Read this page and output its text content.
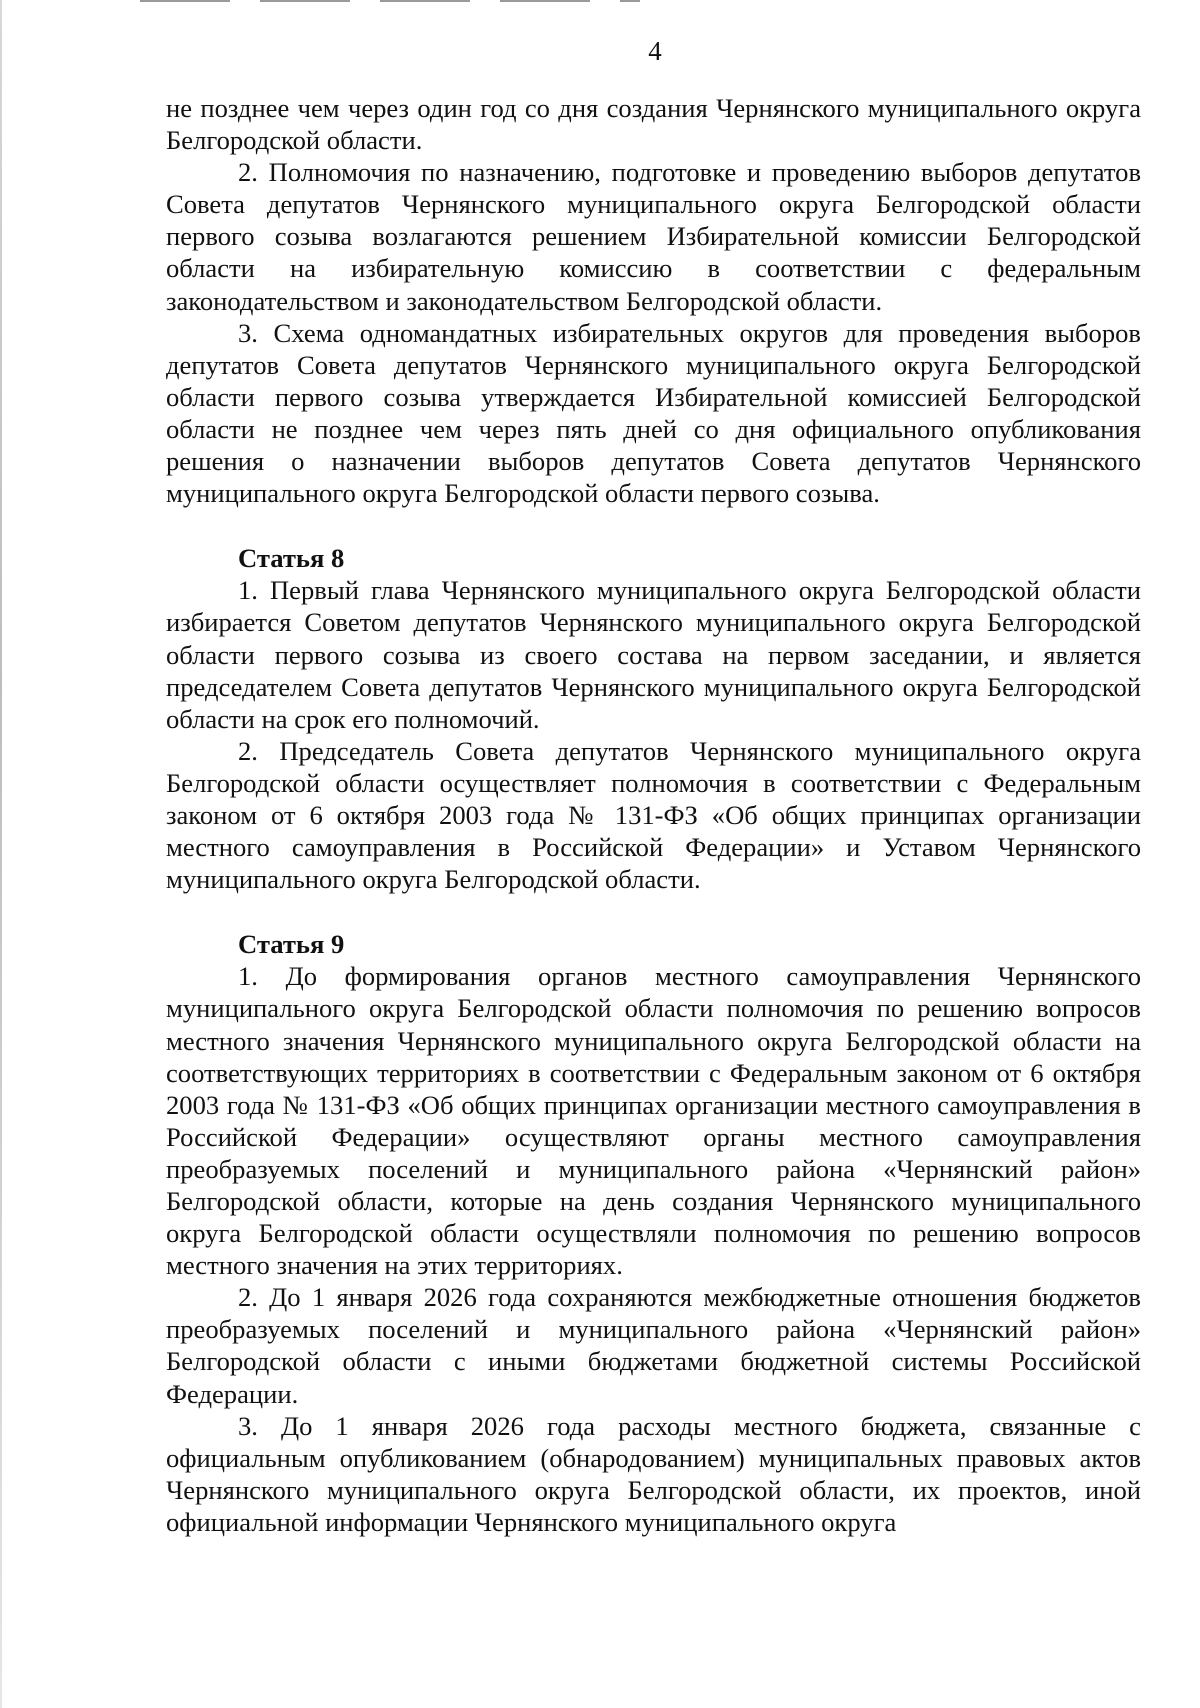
4

не позднее чем через один год со дня создания Чернянского муниципального округа Белгородской области.

2. Полномочия по назначению, подготовке и проведению выборов депутатов Совета депутатов Чернянского муниципального округа Белгородской области первого созыва возлагаются решением Избирательной комиссии Белгородской области на избирательную комиссию в соответствии с федеральным законодательством и законодательством Белгородской области.

3. Схема одномандатных избирательных округов для проведения выборов депутатов Совета депутатов Чернянского муниципального округа Белгородской области первого созыва утверждается Избирательной комиссией Белгородской области не позднее чем через пять дней со дня официального опубликования решения о назначении выборов депутатов Совета депутатов Чернянского муниципального округа Белгородской области первого созыва.

Статья 8

1. Первый глава Чернянского муниципального округа Белгородской области избирается Советом депутатов Чернянского муниципального округа Белгородской области первого созыва из своего состава на первом заседании, и является председателем Совета депутатов Чернянского муниципального округа Белгородской области на срок его полномочий.

2. Председатель Совета депутатов Чернянского муниципального округа Белгородской области осуществляет полномочия в соответствии с Федеральным законом от 6 октября 2003 года № 131-ФЗ «Об общих принципах организации местного самоуправления в Российской Федерации» и Уставом Чернянского муниципального округа Белгородской области.

Статья 9

1. До формирования органов местного самоуправления Чернянского муниципального округа Белгородской области полномочия по решению вопросов местного значения Чернянского муниципального округа Белгородской области на соответствующих территориях в соответствии с Федеральным законом от 6 октября 2003 года № 131-ФЗ «Об общих принципах организации местного самоуправления в Российской Федерации» осуществляют органы местного самоуправления преобразуемых поселений и муниципального района «Чернянский район» Белгородской области, которые на день создания Чернянского муниципального округа Белгородской области осуществляли полномочия по решению вопросов местного значения на этих территориях.

2. До 1 января 2026 года сохраняются межбюджетные отношения бюджетов преобразуемых поселений и муниципального района «Чернянский район» Белгородской области с иными бюджетами бюджетной системы Российской Федерации.

3. До 1 января 2026 года расходы местного бюджета, связанные с официальным опубликованием (обнародованием) муниципальных правовых актов Чернянского муниципального округа Белгородской области, их проектов, иной официальной информации Чернянского муниципального округа
